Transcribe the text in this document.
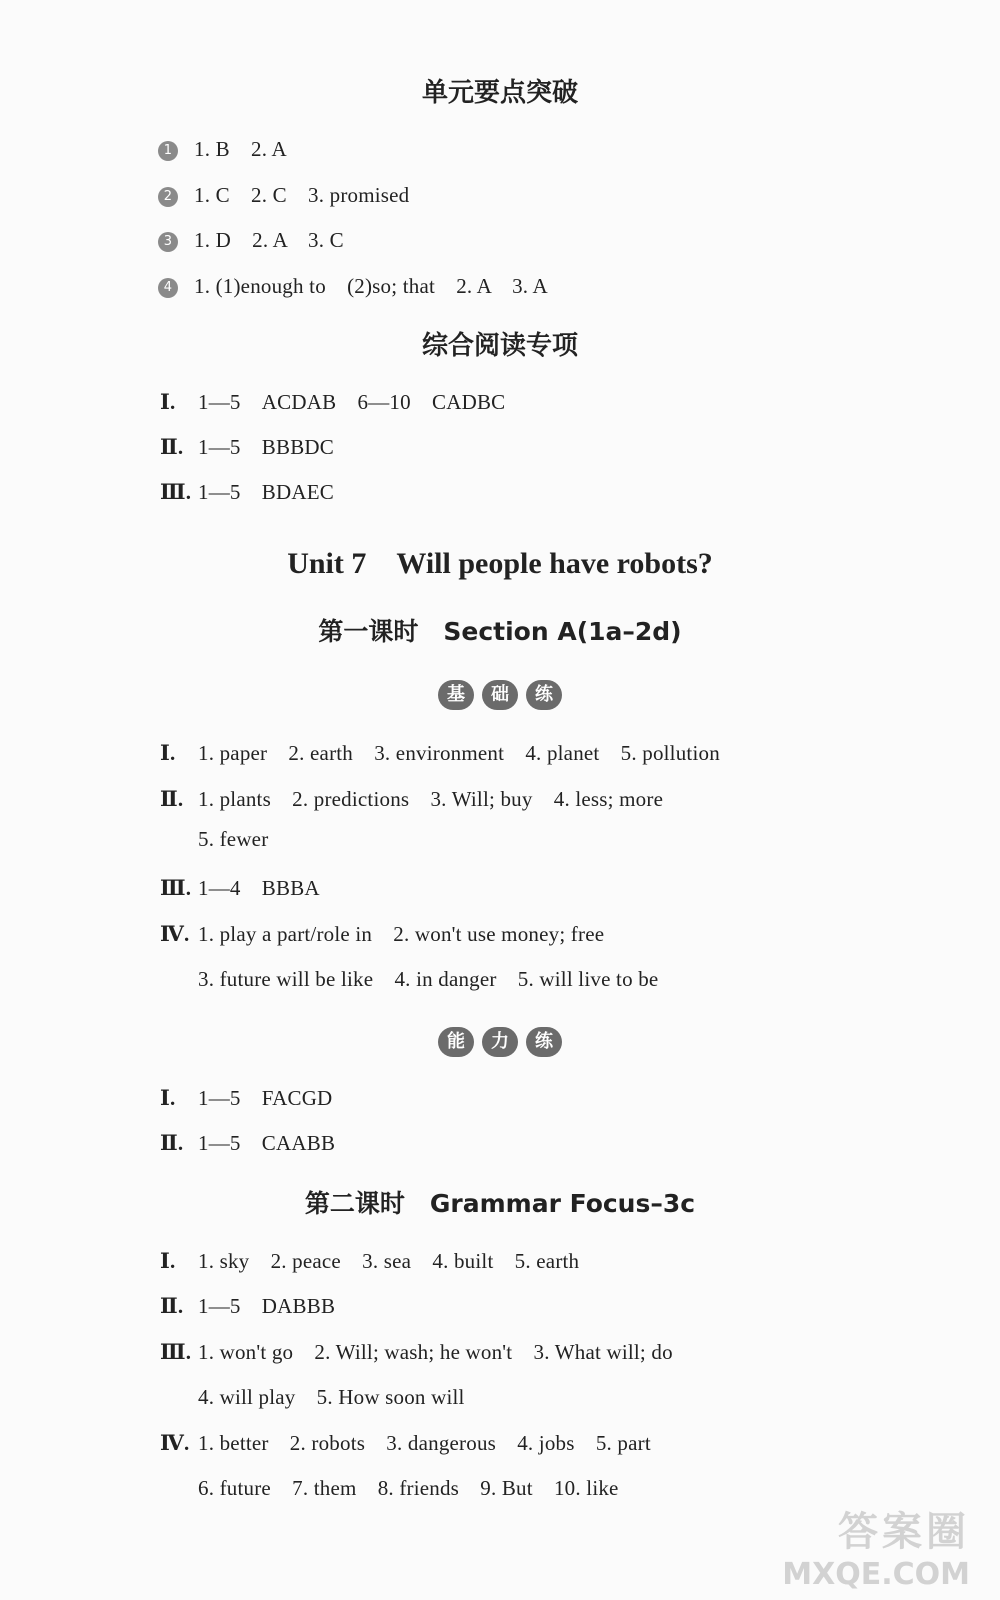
单元要点突破
1 1. B　2. A
2 1. C　2. C　3. promised
3 1. D　2. A　3. C
4 1. (1)enough to　(2)so; that　2. A　3. A
综合阅读专项
Ⅰ. 1—5　ACDAB　6—10　CADBC
Ⅱ. 1—5　BBBDC
Ⅲ. 1—5　BDAEC
Unit 7　Will people have robots?
第一课时　Section A(1a–2d)
基	础	练
Ⅰ. 1. paper　2. earth　3. environment　4. planet　5. pollution
Ⅱ. 1. plants　2. predictions　3. Will; buy　4. less; more
5. fewer
Ⅲ. 1—4　BBBA
Ⅳ. 1. play a part/role in　2. won't use money; free
3. future will be like　4. in danger　5. will live to be
能	力	练
Ⅰ. 1—5　FACGD
Ⅱ. 1—5　CAABB
第二课时　Grammar Focus–3c
Ⅰ. 1. sky　2. peace　3. sea　4. built　5. earth
Ⅱ. 1—5　DABBB
Ⅲ. 1. won't go　2. Will; wash; he won't　3. What will; do
4. will play　5. How soon will
Ⅳ. 1. better　2. robots　3. dangerous　4. jobs　5. part
6. future　7. them　8. friends　9. But　10. like
答案圈
MXQE.COM
